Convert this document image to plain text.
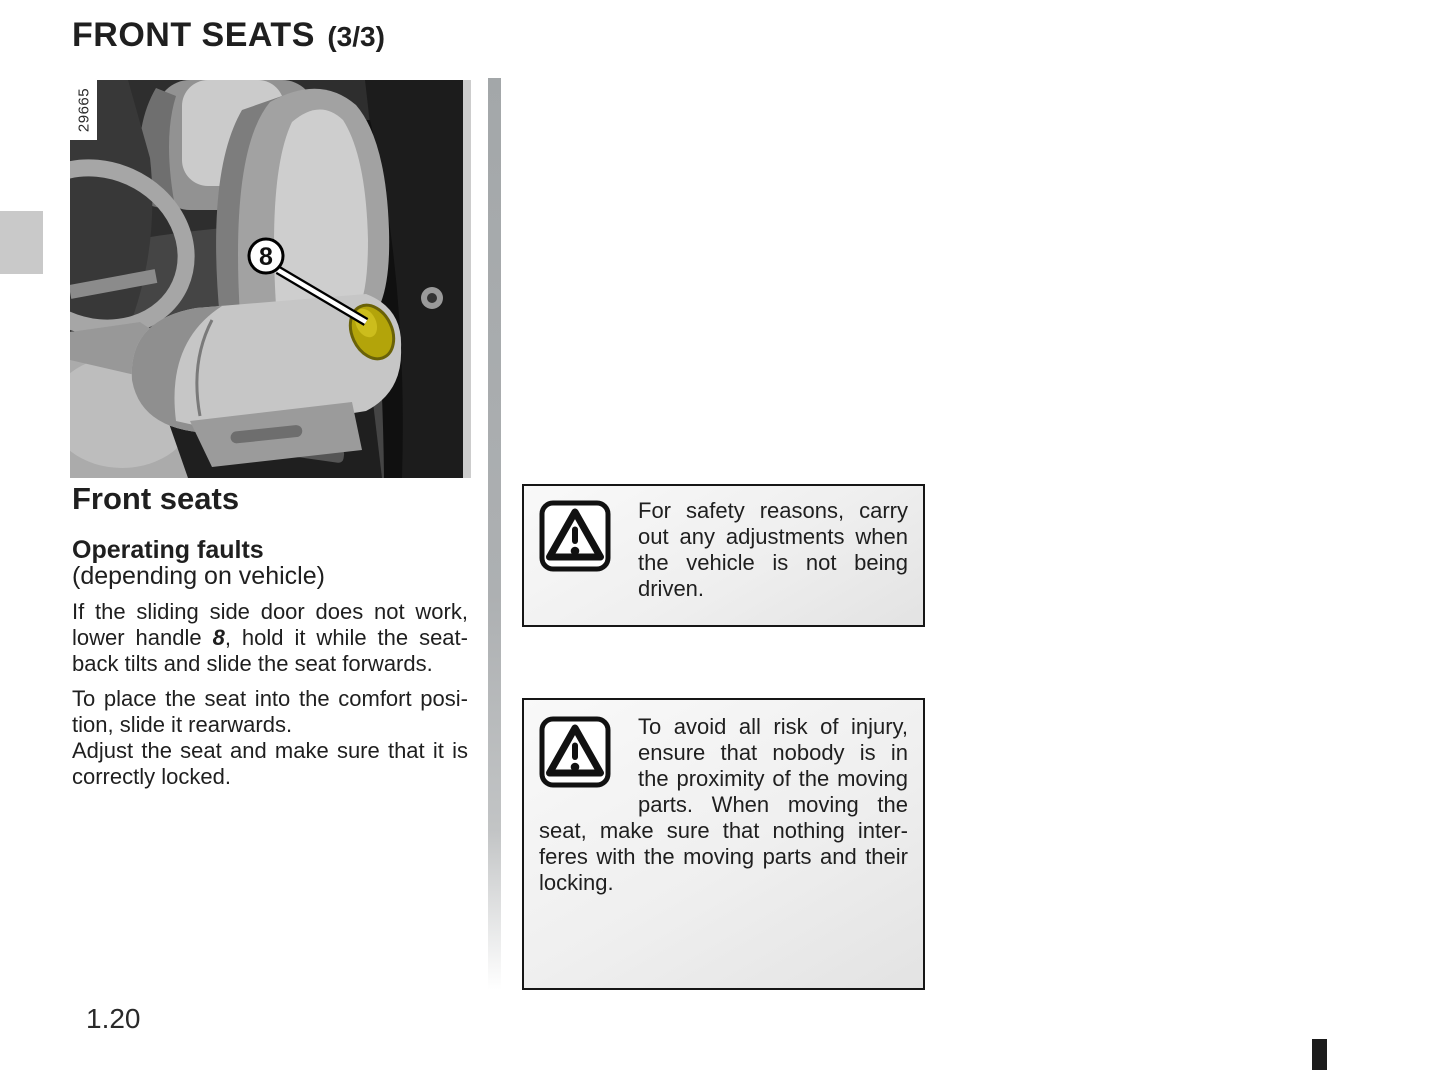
FRONT SEATS (3/3)
8
29665
Front seats
Operating faults
(depending on vehicle)

If the sliding side door does not work, lower handle 8, hold it while the seatback tilts and slide the seat forwards.

To place the seat into the comfort position, slide it rearwards.
Adjust the seat and make sure that it is correctly locked.

For safety reasons, carry out any adjustments when the vehicle is not being driven.
To avoid all risk of injury, ensure that nobody is in the proximity of the moving parts. When moving the seat, make sure that nothing interferes with the moving parts and their locking.
1.20
